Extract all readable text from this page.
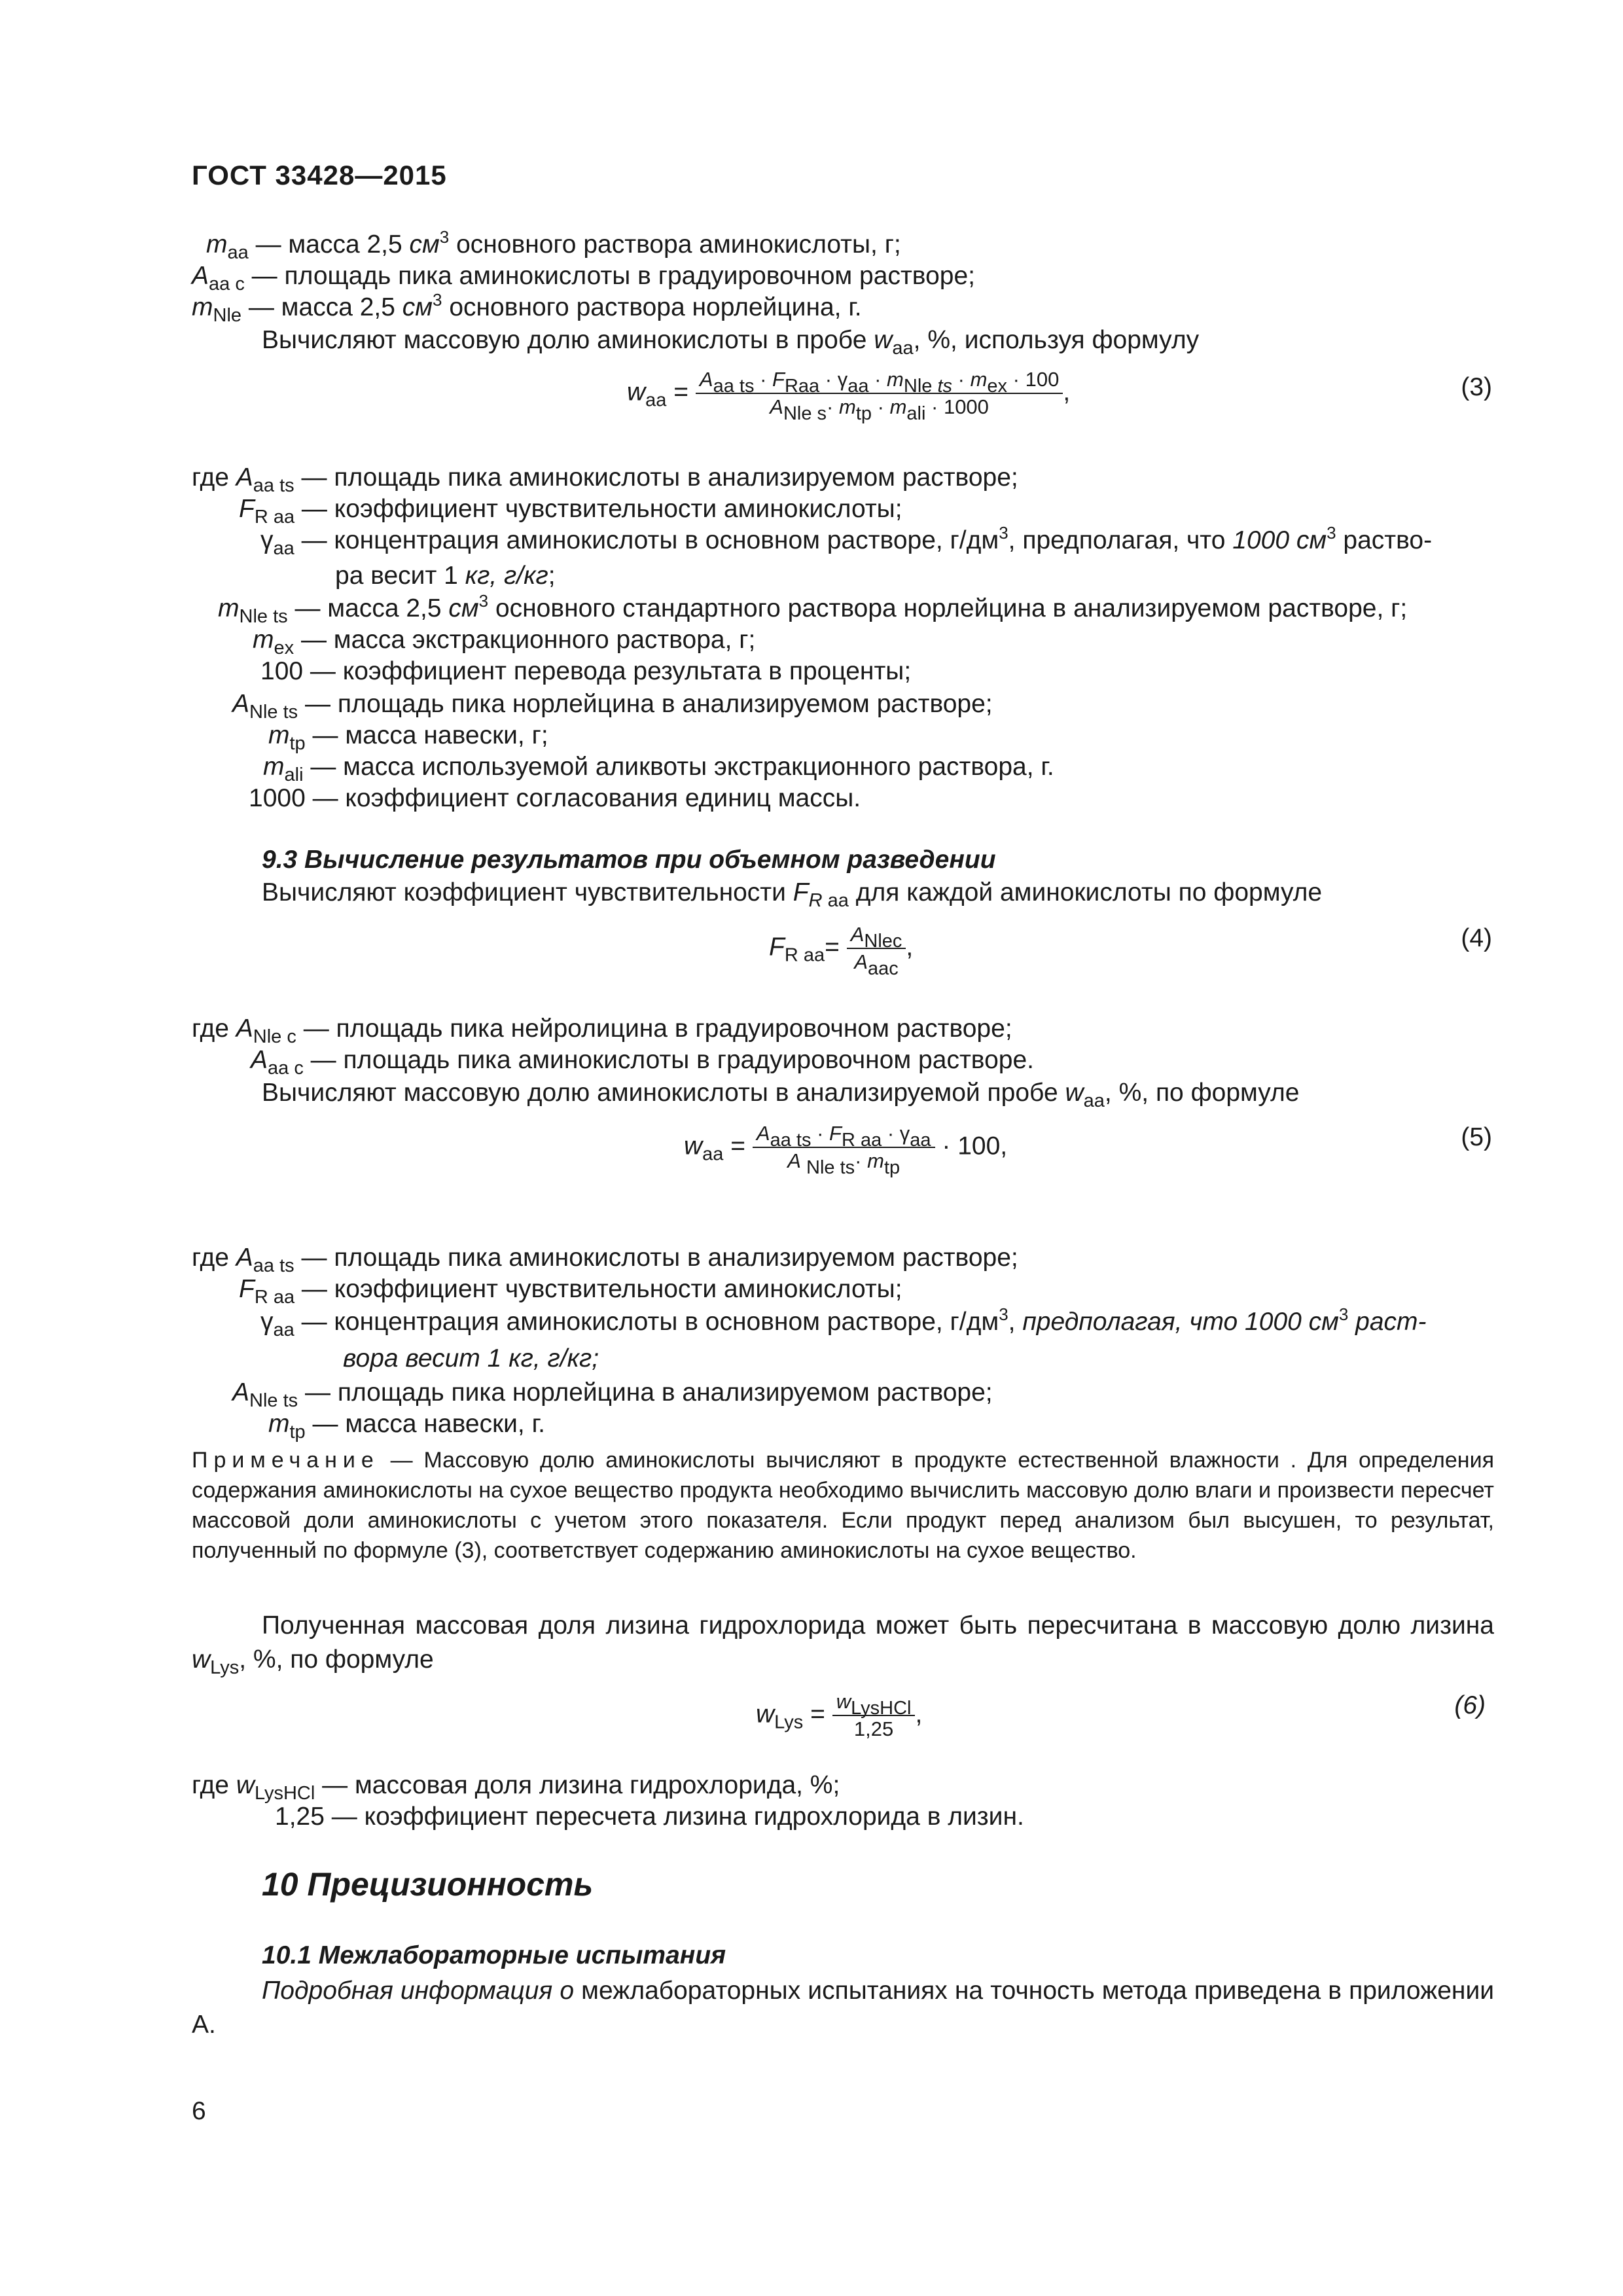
ГОСТ 33428—2015
$m_{aa}$ — масса 2,5 $см^3$ основного раствора аминокислоты, г;
$A_{aa c}$ — площадь пика аминокислоты в градуировочном растворе;
$m_{Nle}$ — масса 2,5 $см^3$ основного раствора норлейцина, г.
Вычисляют массовую долю аминокислоты в пробе $w_{aa}$, %, используя формулу
$w_{aa} = \frac{A_{aa ts} \cdot F_{Raa} \cdot \gamma_{aa} \cdot m_{Nle ts} \cdot m_{ex} \cdot 100}{A_{Nle s}\cdot m_{tp} \cdot m_{ali} \cdot 1000}$ ,	(3)
где $A_{aa ts}$ — площадь пика аминокислоты в анализируемом растворе;
$F_{R aa}$ — коэффициент чувствительности аминокислоты;
$\gamma_{aa}$ — концентрация аминокислоты в основном растворе, $г/дм^3$, предполагая, что 1000 $см^3$ раство-
ра весит 1 кг, г/кг;
$m_{Nle ts}$ — масса 2,5 $см^3$ основного стандартного раствора норлейцина в анализируемом растворе, г;
$m_{ex}$ — масса экстракционного раствора, г;
100 — коэффициент перевода результата в проценты;
$A_{Nle ts}$ — площадь пика норлейцина в анализируемом растворе;
$m_{tp}$ — масса навески, г;
$m_{ali}$ — масса используемой аликвоты экстракционного раствора, г.
1000 — коэффициент согласования единиц массы.
9.3 Вычисление результатов при объемном разведении
Вычисляют коэффициент чувствительности $F_{R aa}$ для каждой аминокислоты по формуле
$F_{R aa}= \frac{A_{Nlec}}{A_{aac}}$ ,	(4)
где $A_{Nle c}$ — площадь пика нейролицина в градуировочном растворе;
$A_{aa c}$ — площадь пика аминокислоты в градуировочном растворе.
Вычисляют массовую долю аминокислоты в анализируемой пробе $w_{aa}$, %, по формуле
$w_{aa} = \frac{A_{aa ts} \cdot F_{R aa} \cdot \gamma_{aa}}{A _{Nle ts}\cdot m_{tp}} \cdot 100$,	(5)
где $A_{aa ts}$ — площадь пика аминокислоты в анализируемом растворе;
$F_{R aa}$ — коэффициент чувствительности аминокислоты;
$\gamma_{aa}$ — концентрация аминокислоты в основном растворе, $г/дм^3$, предполагая, что 1000 $см^3$ раст-
вора весит 1 кг, г/кг;
$A_{Nle ts}$ — площадь пика норлейцина в анализируемом растворе;
$m_{tp}$ — масса навески, г.
Примечание — Массовую долю аминокислоты вычисляют в продукте естественной влажности . Для определения содержания аминокислоты на сухое вещество продукта необходимо вычислить массовую долю влаги и произвести пересчет массовой доли аминокислоты с учетом этого показателя. Если продукт перед анализом был высушен, то результат, полученный по формуле (3), соответствует содержанию аминокислоты на сухое вещество.
Полученная массовая доля лизина гидрохлорида может быть пересчитана в массовую долю лизина $w_{Lys}$, %, по формуле
$w_{Lys} = \frac{w_{LysHCl}}{1,25}$ ,	(6)
где $w_{LysHCl}$ — массовая доля лизина гидрохлорида, %;
1,25 — коэффициент пересчета лизина гидрохлорида в лизин.
10 Прецизионность
10.1 Межлабораторные испытания
Подробная информация о межлабораторных испытаниях на точность метода приведена в приложении А.
6
